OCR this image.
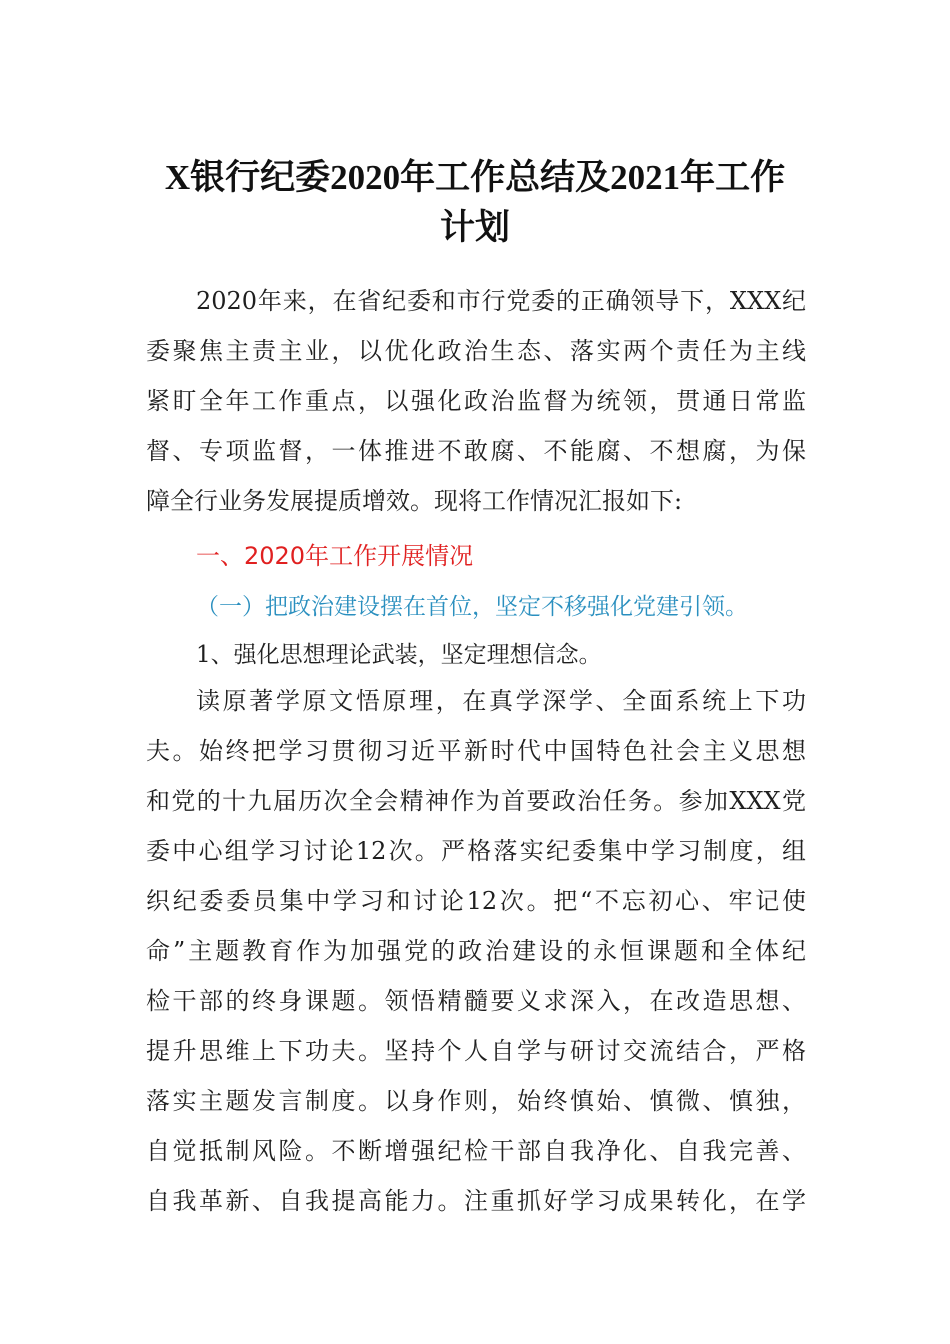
X银行纪委2020年工作总结及2021年工作
计划
2020年来，在省纪委和市行党委的正确领导下，XXX纪
委聚焦主责主业，以优化政治生态、落实两个责任为主线
紧盯全年工作重点，以强化政治监督为统领，贯通日常监
督、专项监督，一体推进不敢腐、不能腐、不想腐，为保
障全行业务发展提质增效。现将工作情况汇报如下:
一、2020年工作开展情况
（一）把政治建设摆在首位，坚定不移强化党建引领。
1、强化思想理论武装，坚定理想信念。
读原著学原文悟原理，在真学深学、全面系统上下功
夫。始终把学习贯彻习近平新时代中国特色社会主义思想
和党的十九届历次全会精神作为首要政治任务。参加XXX党
委中心组学习讨论12次。严格落实纪委集中学习制度，组
织纪委委员集中学习和讨论12次。把“不忘初心、牢记使
命”主题教育作为加强党的政治建设的永恒课题和全体纪
检干部的终身课题。领悟精髓要义求深入，在改造思想、
提升思维上下功夫。坚持个人自学与研讨交流结合，严格
落实主题发言制度。以身作则，始终慎始、慎微、慎独，
自觉抵制风险。不断增强纪检干部自我净化、自我完善、
自我革新、自我提高能力。注重抓好学习成果转化，在学
